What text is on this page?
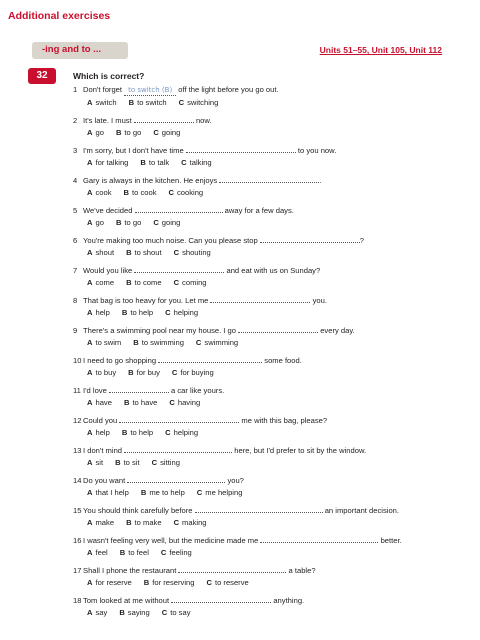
Additional exercises
-ing and to ...	Units 51–55, Unit 105, Unit 112
32	Which is correct?
1 Don't forget to switch (B) off the light before you go out.
A switch B to switch C switching
2 It's late. I must	now.
A go B to go C going
3 I'm sorry, but I don't have time	to you now.
A for talking B to talk C talking
4 Gary is always in the kitchen. He enjoys	.
A cook B to cook C cooking
5 We've decided	away for a few days.
A go B to go C going
6 You're making too much noise. Can you please stop	?
A shout B to shout C shouting
7 Would you like	and eat with us on Sunday?
A come B to come C coming
8 That bag is too heavy for you. Let me	you.
A help B to help C helping
9 There's a swimming pool near my house. I go	every day.
A to swim B to swimming C swimming
10 I need to go shopping	some food.
A to buy B for buy C for buying
11 I'd love	a car like yours.
A have B to have C having
12 Could you	me with this bag, please?
A help B to help C helping
13 I don't mind	here, but I'd prefer to sit by the window.
A sit B to sit C sitting
14 Do you want	you?
A that I help B me to help C me helping
15 You should think carefully before	an important decision.
A make B to make C making
16 I wasn't feeling very well, but the medicine made me	better.
A feel B to feel C feeling
17 Shall I phone the restaurant	a table?
A for reserve B for reserving C to reserve
18 Tom looked at me without	anything.
A say B saying C to say
